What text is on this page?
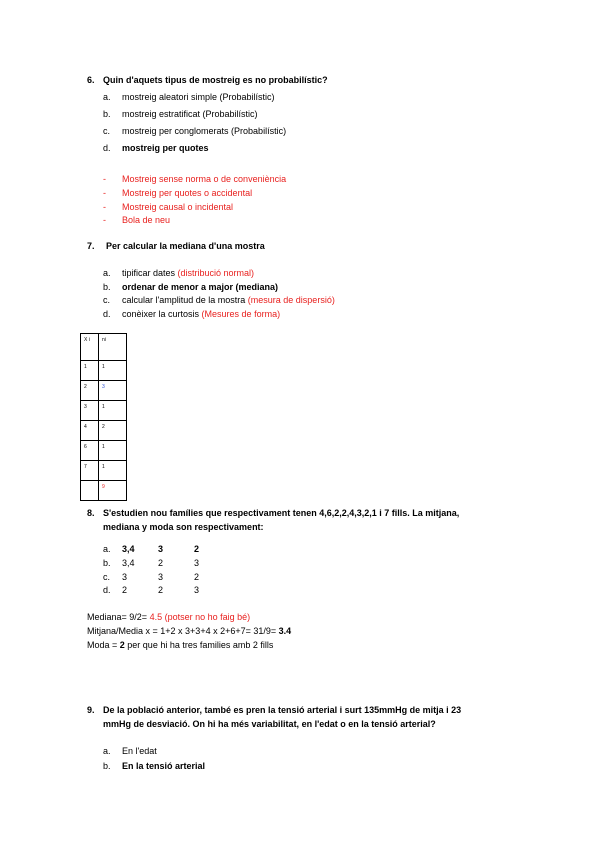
6. Quin d'aquets tipus de mostreig es no probabilístic?
a. mostreig aleatori simple (Probabilístic)
b. mostreig estratificat (Probabilístic)
c. mostreig per conglomerats (Probabilístic)
d. mostreig per quotes
- Mostreig sense norma o de conveniència
- Mostreig per quotes o accidental
- Mostreig causal o incidental
- Bola de neu
7. Per calcular la mediana d'una mostra
a. tipificar dates (distribució normal)
b. ordenar de menor a major (mediana)
c. calcular l'amplitud de la mostra (mesura de dispersió)
d. conèixer la curtosis (Mesures de forma)
X i	ni
1	1
2	3
3	1
4	2
6	1
7	1
	9
8. S'estudien nou famílies que respectivament tenen 4,6,2,2,4,3,2,1 i 7 fills. La mitjana,
mediana y moda son respectivament:
a. 3,4	3	2
b. 3,4	2	3
c. 3	3	2
d. 2	2	3
Mediana= 9/2= 4.5 (potser no ho faig bé)
Mitjana/Media x = 1+2 x 3+3+4 x 2+6+7= 31/9= 3.4
Moda = 2 per que hi ha tres families amb 2 fills
9. De la població anterior, també es pren la tensió arterial i surt 135mmHg de mitja i 23
mmHg de desviació. On hi ha més variabilitat, en l'edat o en la tensió arterial?
a. En l'edat
b. En la tensió arterial
